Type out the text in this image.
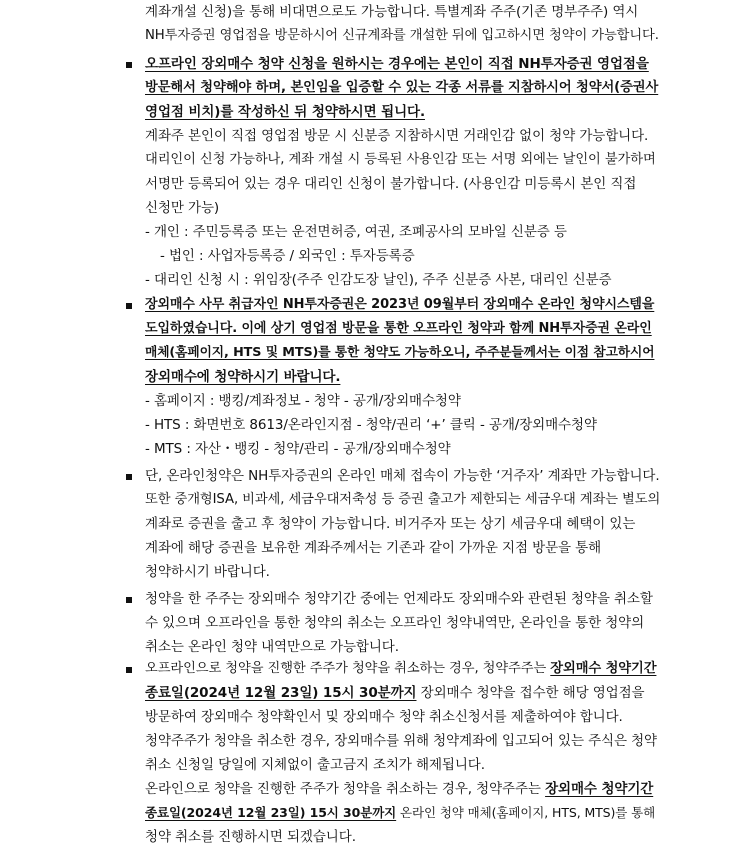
계좌개설 신청)을 통해 비대면으로도 가능합니다. 특별계좌 주주(기존 명부주주) 역시
NH투자증권 영업점을 방문하시어 신규계좌를 개설한 뒤에 입고하시면 청약이 가능합니다.
오프라인 장외매수 청약 신청을 원하시는 경우에는 본인이 직접 NH투자증권 영업점을
방문해서 청약해야 하며, 본인임을 입증할 수 있는 각종 서류를 지참하시어 청약서(증권사
영업점 비치)를 작성하신 뒤 청약하시면 됩니다.
계좌주 본인이 직접 영업점 방문 시 신분증 지참하시면 거래인감 없이 청약 가능합니다.
대리인이 신청 가능하나, 계좌 개설 시 등록된 사용인감 또는 서명 외에는 날인이 불가하며
서명만 등록되어 있는 경우 대리인 신청이 불가합니다. (사용인감 미등록시 본인 직접
신청만 가능)
- 개인 : 주민등록증 또는 운전면허증, 여권, 조폐공사의 모바일 신분증 등
- 법인 : 사업자등록증 / 외국인 : 투자등록증
- 대리인 신청 시 : 위임장(주주 인감도장 날인), 주주 신분증 사본, 대리인 신분증
장외매수 사무 취급자인 NH투자증권은 2023년 09월부터 장외매수 온라인 청약시스템을
도입하였습니다. 이에 상기 영업점 방문을 통한 오프라인 청약과 함께 NH투자증권 온라인
매체(홈페이지, HTS 및 MTS)를 통한 청약도 가능하오니, 주주분들께서는 이점 참고하시어
장외매수에 청약하시기 바랍니다.
- 홈페이지 : 뱅킹/계좌정보 - 청약 - 공개/장외매수청약
- HTS : 화면번호 8613/온라인지점 - 청약/권리 ‘+’ 클릭 - 공개/장외매수청약
- MTS : 자산・뱅킹 - 청약/관리 - 공개/장외매수청약
단, 온라인청약은 NH투자증권의 온라인 매체 접속이 가능한 ‘거주자’ 계좌만 가능합니다.
또한 중개형ISA, 비과세, 세금우대저축성 등 증권 출고가 제한되는 세금우대 계좌는 별도의
계좌로 증권을 출고 후 청약이 가능합니다. 비거주자 또는 상기 세금우대 혜택이 있는
계좌에 해당 증권을 보유한 계좌주께서는 기존과 같이 가까운 지점 방문을 통해
청약하시기 바랍니다.
청약을 한 주주는 장외매수 청약기간 중에는 언제라도 장외매수와 관련된 청약을 취소할
수 있으며 오프라인을 통한 청약의 취소는 오프라인 청약내역만, 온라인을 통한 청약의
취소는 온라인 청약 내역만으로 가능합니다.
오프라인으로 청약을 진행한 주주가 청약을 취소하는 경우, 청약주주는 장외매수 청약기간
종료일(2024년 12월 23일) 15시 30분까지 장외매수 청약을 접수한 해당 영업점을
방문하여 장외매수 청약확인서 및 장외매수 청약 취소신청서를 제출하여야 합니다.
청약주주가 청약을 취소한 경우, 장외매수를 위해 청약계좌에 입고되어 있는 주식은 청약
취소 신청일 당일에 지체없이 출고금지 조치가 해제됩니다.
온라인으로 청약을 진행한 주주가 청약을 취소하는 경우, 청약주주는 장외매수 청약기간
종료일(2024년 12월 23일) 15시 30분까지 온라인 청약 매체(홈페이지, HTS, MTS)를 통해
청약 취소를 진행하시면 되겠습니다.
